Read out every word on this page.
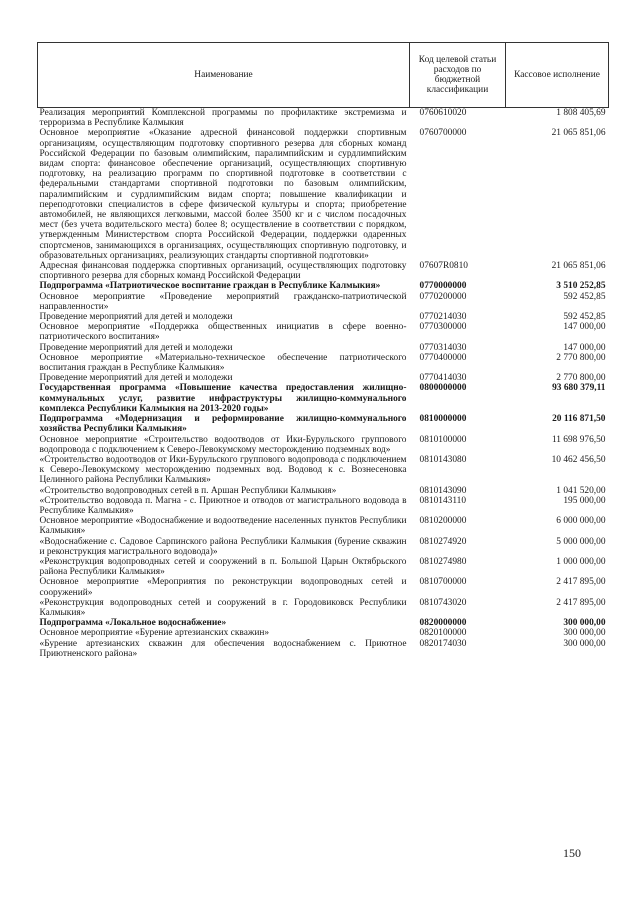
Наименование	Код целевой статьи расходов по бюджетной классификации	Кассовое исполнение
Реализация мероприятий Комплексной программы по профилактике экстремизма и терроризма в Республике Калмыкия	0760610020	1 808 405,69
Основное мероприятие «Оказание адресной финансовой поддержки спортивным организациям, осуществляющим подготовку спортивного резерва для сборных команд Российской Федерации по базовым олимпийским, паралимпийским и сурдлимпийским видам спорта: финансовое обеспечение организаций, осуществляющих спортивную подготовку, на реализацию программ по спортивной подготовке в соответствии с федеральными стандартами спортивной подготовки по базовым олимпийским, паралимпийским и сурдлимпийским видам спорта; повышение квалификации и переподготовки специалистов в сфере физической культуры и спорта; приобретение автомобилей, не являющихся легковыми, массой более 3500 кг и с числом посадочных мест (без учета водительского места) более 8; осуществление в соответствии с порядком, утвержденным Министерством спорта Российской Федерации, поддержки одаренных спортсменов, занимающихся в организациях, осуществляющих спортивную подготовку, и образовательных организациях, реализующих стандарты спортивной подготовки»	0760700000	21 065 851,06
Адресная финансовая поддержка спортивных организаций, осуществляющих подготовку спортивного резерва для сборных команд Российской Федерации	07607R0810	21 065 851,06
Подпрограмма «Патриотическое воспитание граждан в Республике Калмыкия»	0770000000	3 510 252,85
Основное мероприятие «Проведение мероприятий гражданско-патриотической направленности»	0770200000	592 452,85
Проведение мероприятий для детей и молодежи	0770214030	592 452,85
Основное мероприятие «Поддержка общественных инициатив в сфере военно-патриотического воспитания»	0770300000	147 000,00
Проведение мероприятий для детей и молодежи	0770314030	147 000,00
Основное мероприятие «Материально-техническое обеспечение патриотического воспитания граждан в Республике Калмыкия»	0770400000	2 770 800,00
Проведение мероприятий для детей и молодежи	0770414030	2 770 800,00
Государственная программа «Повышение качества предоставления жилищно-коммунальных услуг, развитие инфраструктуры жилищно-коммунального комплекса Республики Калмыкия на 2013-2020 годы»	0800000000	93 680 379,11
Подпрограмма «Модернизация и реформирование жилищно-коммунального хозяйства Республики Калмыкия»	0810000000	20 116 871,50
Основное мероприятие «Строительство водоотводов от Ики-Бурульского группового водопровода с подключением к Северо-Левокумскому месторождению подземных вод»	0810100000	11 698 976,50
«Строительство водоотводов от Ики-Бурульского группового водопровода с подключением к Северо-Левокумскому месторождению подземных вод. Водовод к с. Вознесеновка Целинного района Республики Калмыкия»	0810143080	10 462 456,50
«Строительство водопроводных сетей в п. Аршан Республики Калмыкия»	0810143090	1 041 520,00
«Строительство водовода п. Магна - с. Приютное и отводов от магистрального водовода в Республике Калмыкия»	0810143110	195 000,00
Основное мероприятие «Водоснабжение и водоотведение населенных пунктов Республики Калмыкия»	0810200000	6 000 000,00
«Водоснабжение с. Садовое Сарпинского района Республики Калмыкия (бурение скважин и реконструкция магистрального водовода)»	0810274920	5 000 000,00
«Реконструкция водопроводных сетей и сооружений в п. Большой Царын Октябрьского района Республики Калмыкия»	0810274980	1 000 000,00
Основное мероприятие «Мероприятия по реконструкции водопроводных сетей и сооружений»	0810700000	2 417 895,00
«Реконструкция водопроводных сетей и сооружений в г. Городовиковск Республики Калмыкия»	0810743020	2 417 895,00
Подпрограмма «Локальное водоснабжение»	0820000000	300 000,00
Основное мероприятие «Бурение артезианских скважин»	0820100000	300 000,00
«Бурение артезианских скважин для обеспечения водоснабжением с. Приютное Приютненского района»	0820174030	300 000,00
150
